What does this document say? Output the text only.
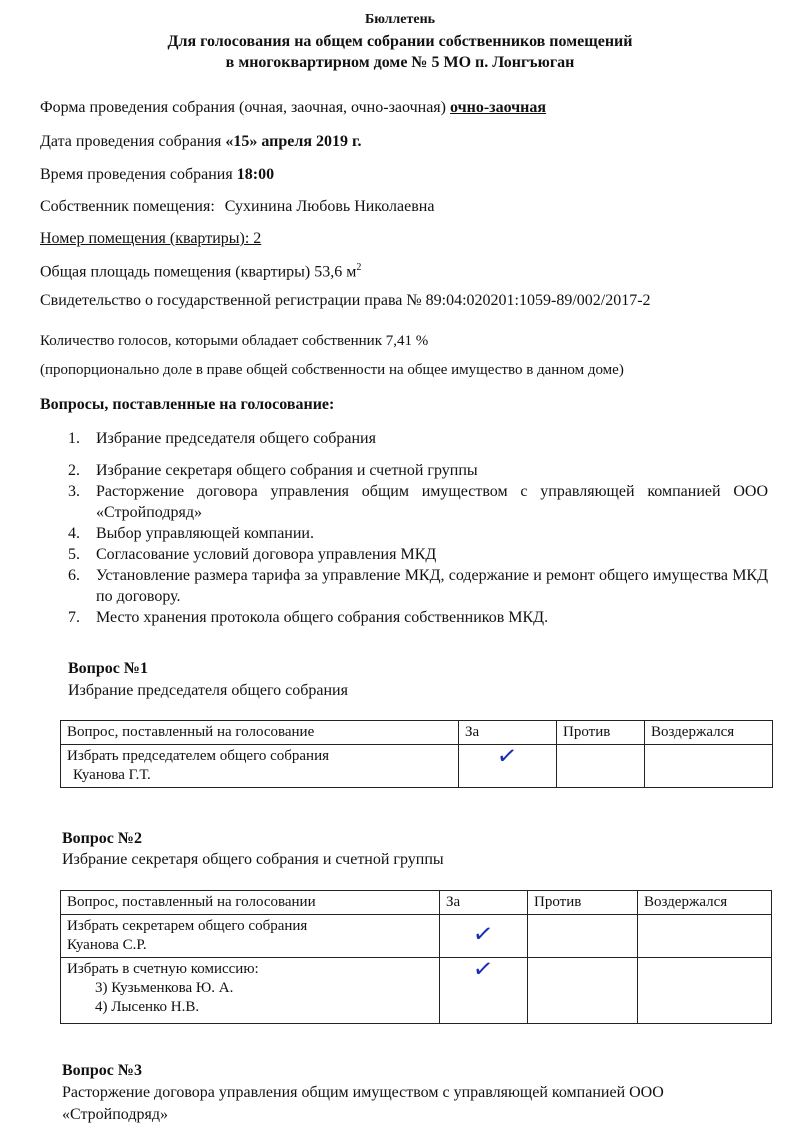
Бюллетень
Для голосования на общем собрании собственников помещений
в многоквартирном доме № 5 МО п. Лонгъюган
Форма проведения собрания (очная, заочная, очно-заочная) очно-заочная
Дата проведения собрания «15» апреля 2019 г.
Время проведения собрания 18:00
Собственник помещения: Сухинина Любовь Николаевна
Номер помещения (квартиры): 2
Общая площадь помещения (квартиры) 53,6 $м^2$
Свидетельство о государственной регистрации права № 89:04:020201:1059-89/002/2017-2
Количество голосов, которыми обладает собственник 7,41 %
(пропорционально доле в праве общей собственности на общее имущество в данном доме)
Вопросы, поставленные на голосование:
1. Избрание председателя общего собрания
2. Избрание секретаря общего собрания и счетной группы
3.	Расторжение договора управления общим имуществом с управляющей компанией ООО «Стройподряд»
4. Выбор управляющей компании.
5. Согласование условий договора управления МКД
6.	Установление размера тарифа за управление МКД, содержание и ремонт общего имущества МКД по договору.
7. Место хранения протокола общего собрания собственников МКД.
Вопрос №1
Избрание председателя общего собрания
Вопрос, поставленный на голосование	За	Против	Воздержался

Избрать председателем общего собрания
Куанова Г.Т.	✓		
Вопрос №2
Избрание секретаря общего собрания и счетной группы
Вопрос, поставленный на голосовании	За	Против	Воздержался

Избрать секретарем общего собрания
Куанова С.Р.	✓		

Избрать в счетную комиссию:
3) Кузьменкова Ю. А.
4) Лысенко Н.В.	✓		
Вопрос №3
Расторжение договора управления общим имуществом с управляющей компанией ООО
«Стройподряд»
